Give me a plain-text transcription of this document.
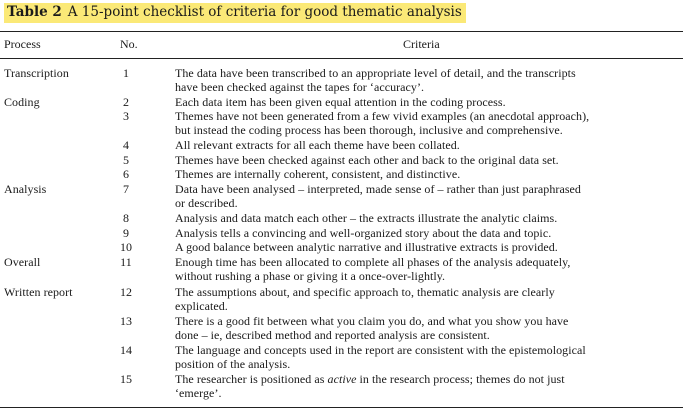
Table 2 A 15-point checklist of criteria for good thematic analysis
Process	No.	Criteria
Transcription
Coding
Analysis
Overall
Written report
1
2
3
4
5
6
7
8
9
10
11
12
13
14
15
The data have been transcribed to an appropriate level of detail, and the transcripts
have been checked against the tapes for ‘accuracy’.
Each data item has been given equal attention in the coding process.
Themes have not been generated from a few vivid examples (an anecdotal approach),
but instead the coding process has been thorough, inclusive and comprehensive.
All relevant extracts for all each theme have been collated.
Themes have been checked against each other and back to the original data set.
Themes are internally coherent, consistent, and distinctive.
Data have been analysed – interpreted, made sense of – rather than just paraphrased
or described.
Analysis and data match each other – the extracts illustrate the analytic claims.
Analysis tells a convincing and well-organized story about the data and topic.
A good balance between analytic narrative and illustrative extracts is provided.
Enough time has been allocated to complete all phases of the analysis adequately,
without rushing a phase or giving it a once-over-lightly.
The assumptions about, and specific approach to, thematic analysis are clearly
explicated.
There is a good fit between what you claim you do, and what you show you have
done – ie, described method and reported analysis are consistent.
The language and concepts used in the report are consistent with the epistemological
position of the analysis.
The researcher is positioned as active in the research process; themes do not just
‘emerge’.
